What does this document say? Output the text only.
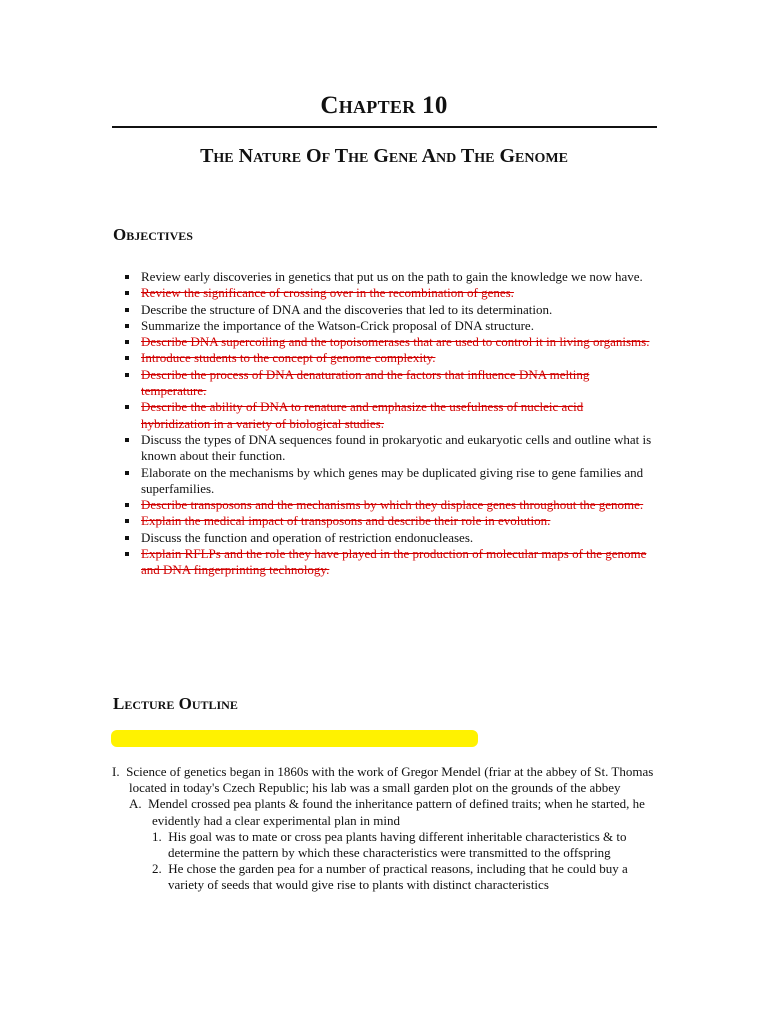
Chapter 10
The Nature Of The Gene And The Genome
Objectives
Review early discoveries in genetics that put us on the path to gain the knowledge we now have.
Review the significance of crossing over in the recombination of genes.
Describe the structure of DNA and the discoveries that led to its determination.
Summarize the importance of the Watson-Crick proposal of DNA structure.
Describe DNA supercoiling and the topoisomerases that are used to control it in living organisms.
Introduce students to the concept of genome complexity.
Describe the process of DNA denaturation and the factors that influence DNA melting temperature.
Describe the ability of DNA to renature and emphasize the usefulness of nucleic acid hybridization in a variety of biological studies.
Discuss the types of DNA sequences found in prokaryotic and eukaryotic cells and outline what is known about their function.
Elaborate on the mechanisms by which genes may be duplicated giving rise to gene families and superfamilies.
Describe transposons and the mechanisms by which they displace genes throughout the genome.
Explain the medical impact of transposons and describe their role in evolution.
Discuss the function and operation of restriction endonucleases.
Explain RFLPs and the role they have played in the production of molecular maps of the genome and DNA fingerprinting technology.
Lecture Outline
I. Science of genetics began in 1860s with the work of Gregor Mendel (friar at the abbey of St. Thomas located in today's Czech Republic; his lab was a small garden plot on the grounds of the abbey
A. Mendel crossed pea plants & found the inheritance pattern of defined traits; when he started, he evidently had a clear experimental plan in mind
1. His goal was to mate or cross pea plants having different inheritable characteristics & to determine the pattern by which these characteristics were transmitted to the offspring
2. He chose the garden pea for a number of practical reasons, including that he could buy a variety of seeds that would give rise to plants with distinct characteristics
